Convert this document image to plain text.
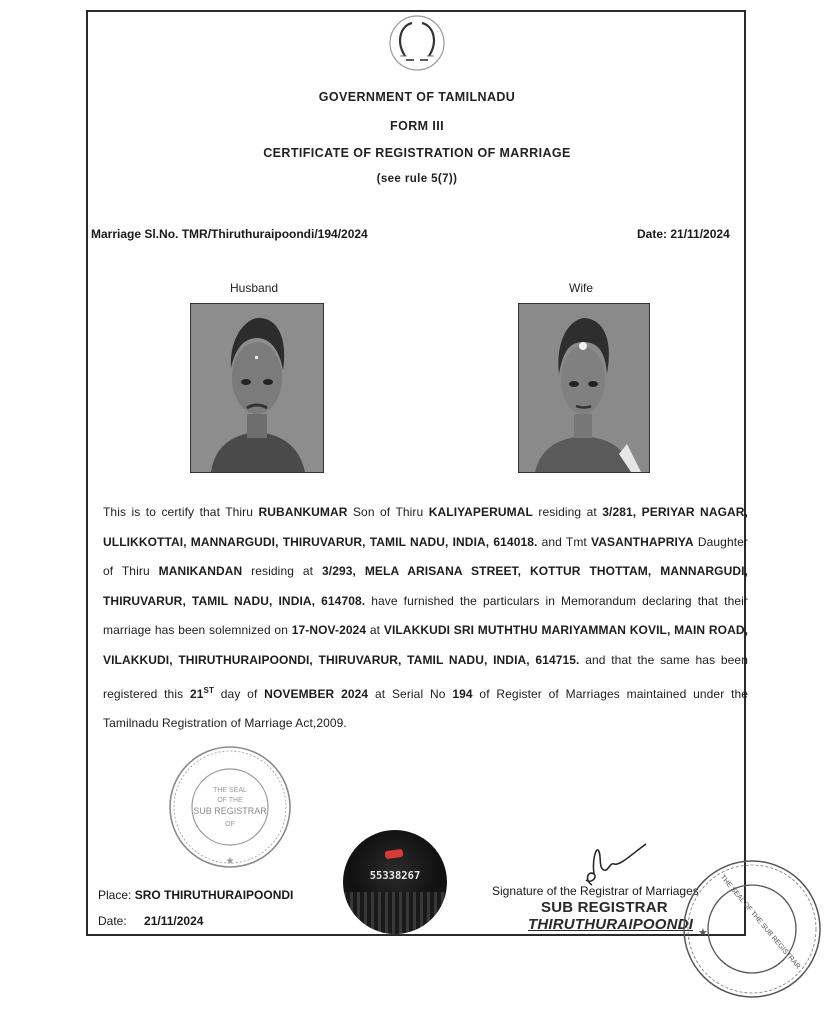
GOVERNMENT OF TAMILNADU
FORM III
CERTIFICATE OF REGISTRATION OF MARRIAGE
(see rule 5(7))
Marriage Sl.No. TMR/Thiruthuraipoondi/194/2024	Date: 21/11/2024
Husband	Wife
This is to certify that Thiru RUBANKUMAR Son of Thiru KALIYAPERUMAL residing at 3/281, PERIYAR NAGAR, ULLIKKOTTAI, MANNARGUDI, THIRUVARUR, TAMIL NADU, INDIA, 614018. and Tmt VASANTHAPRIYA Daughter of Thiru MANIKANDAN residing at 3/293, MELA ARISANA STREET, KOTTUR THOTTAM, MANNARGUDI, THIRUVARUR, TAMIL NADU, INDIA, 614708. have furnished the particulars in Memorandum declaring that their marriage has been solemnized on 17-NOV-2024 at VILAKKUDI SRI MUTHTHU MARIYAMMAN KOVIL, MAIN ROAD, VILAKKUDI, THIRUTHURAIPOONDI, THIRUVARUR, TAMIL NADU, INDIA, 614715. and that the same has been registered this 21ST day of NOVEMBER 2024 at Serial No 194 of Register of Marriages maintained under the Tamilnadu Registration of Marriage Act,2009.
THE SEAL
OF THE
SUB REGISTRAR
OF
★
55338267
Place: SRO THIRUTHURAIPOONDI
Date: 21/11/2024
Signature of the Registrar of Marriages
SUB REGISTRAR
THIRUTHURAIPOONDI	THE SEAL OF THE SUB REGISTRAR
★
